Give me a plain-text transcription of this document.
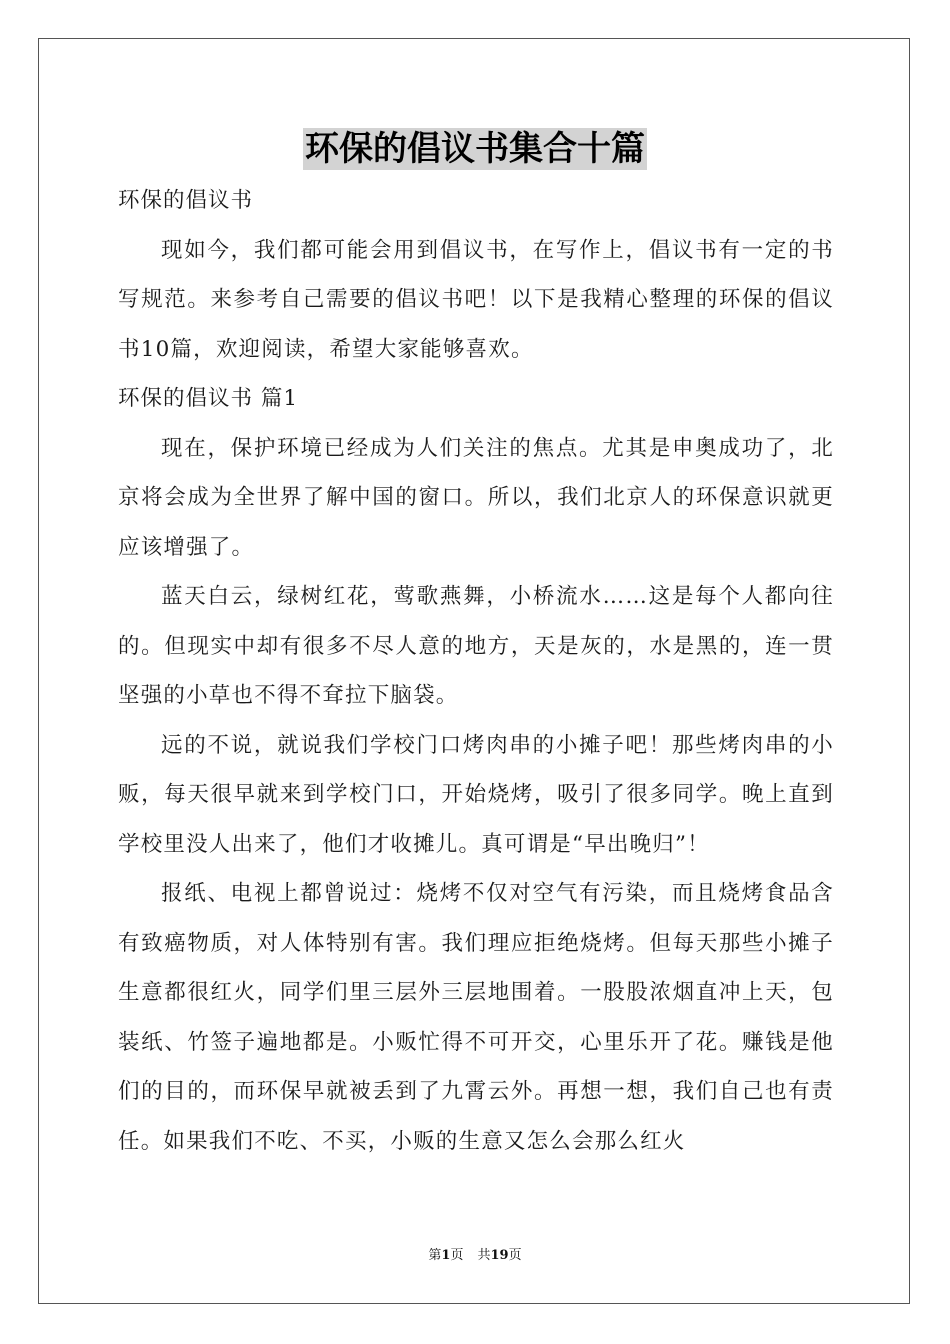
环保的倡议书集合十篇

环保的倡议书

现如今，我们都可能会用到倡议书，在写作上，倡议书有一定的书写规范。来参考自己需要的倡议书吧！以下是我精心整理的环保的倡议书10篇，欢迎阅读，希望大家能够喜欢。

环保的倡议书 篇1

现在，保护环境已经成为人们关注的焦点。尤其是申奥成功了，北京将会成为全世界了解中国的窗口。所以，我们北京人的环保意识就更应该增强了。

蓝天白云，绿树红花，莺歌燕舞，小桥流水……这是每个人都向往的。但现实中却有很多不尽人意的地方，天是灰的，水是黑的，连一贯坚强的小草也不得不耷拉下脑袋。

远的不说，就说我们学校门口烤肉串的小摊子吧！那些烤肉串的小贩，每天很早就来到学校门口，开始烧烤，吸引了很多同学。晚上直到学校里没人出来了，他们才收摊儿。真可谓是“早出晚归”！

报纸、电视上都曾说过：烧烤不仅对空气有污染，而且烧烤食品含有致癌物质，对人体特别有害。我们理应拒绝烧烤。但每天那些小摊子生意都很红火，同学们里三层外三层地围着。一股股浓烟直冲上天，包装纸、竹签子遍地都是。小贩忙得不可开交，心里乐开了花。赚钱是他们的目的，而环保早就被丢到了九霄云外。再想一想，我们自己也有责任。如果我们不吃、不买，小贩的生意又怎么会那么红火

第1页 共19页
